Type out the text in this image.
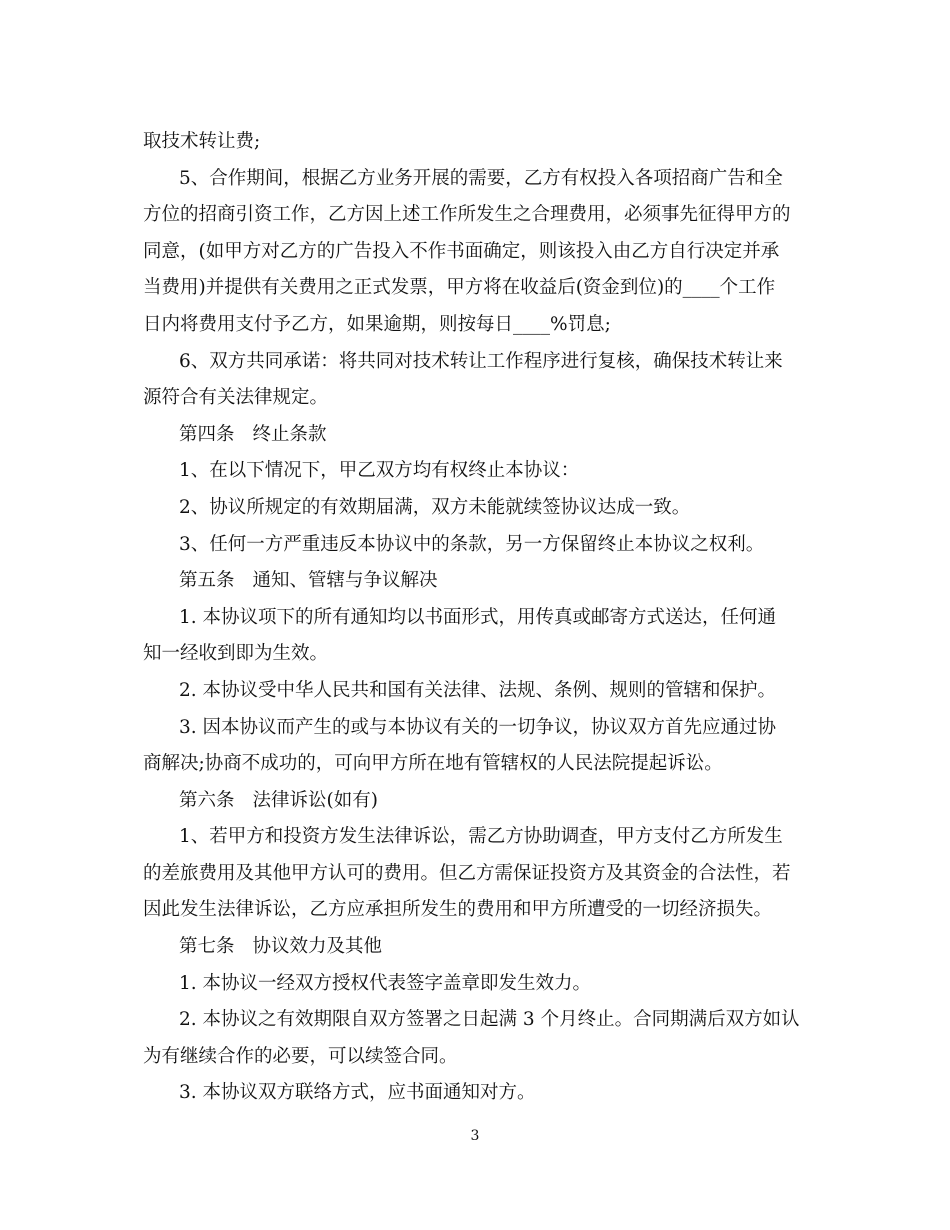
取技术转让费;
5、合作期间，根据乙方业务开展的需要，乙方有权投入各项招商广告和全
方位的招商引资工作，乙方因上述工作所发生之合理费用，必须事先征得甲方的
同意，(如甲方对乙方的广告投入不作书面确定，则该投入由乙方自行决定并承
当费用)并提供有关费用之正式发票，甲方将在收益后(资金到位)的____个工作
日内将费用支付予乙方，如果逾期，则按每日____%罚息;
6、双方共同承诺：将共同对技术转让工作程序进行复核，确保技术转让来
源符合有关法律规定。
第四条 终止条款
1、在以下情况下，甲乙双方均有权终止本协议：
2、协议所规定的有效期届满，双方未能就续签协议达成一致。
3、任何一方严重违反本协议中的条款，另一方保留终止本协议之权利。
第五条 通知、管辖与争议解决
1. 本协议项下的所有通知均以书面形式，用传真或邮寄方式送达，任何通
知一经收到即为生效。
2. 本协议受中华人民共和国有关法律、法规、条例、规则的管辖和保护。
3. 因本协议而产生的或与本协议有关的一切争议，协议双方首先应通过协
商解决;协商不成功的，可向甲方所在地有管辖权的人民法院提起诉讼。
第六条 法律诉讼(如有)
1、若甲方和投资方发生法律诉讼，需乙方协助调查，甲方支付乙方所发生
的差旅费用及其他甲方认可的费用。但乙方需保证投资方及其资金的合法性，若
因此发生法律诉讼，乙方应承担所发生的费用和甲方所遭受的一切经济损失。
第七条 协议效力及其他
1. 本协议一经双方授权代表签字盖章即发生效力。
2. 本协议之有效期限自双方签署之日起满 3 个月终止。合同期满后双方如认
为有继续合作的必要，可以续签合同。
3. 本协议双方联络方式，应书面通知对方。
3
